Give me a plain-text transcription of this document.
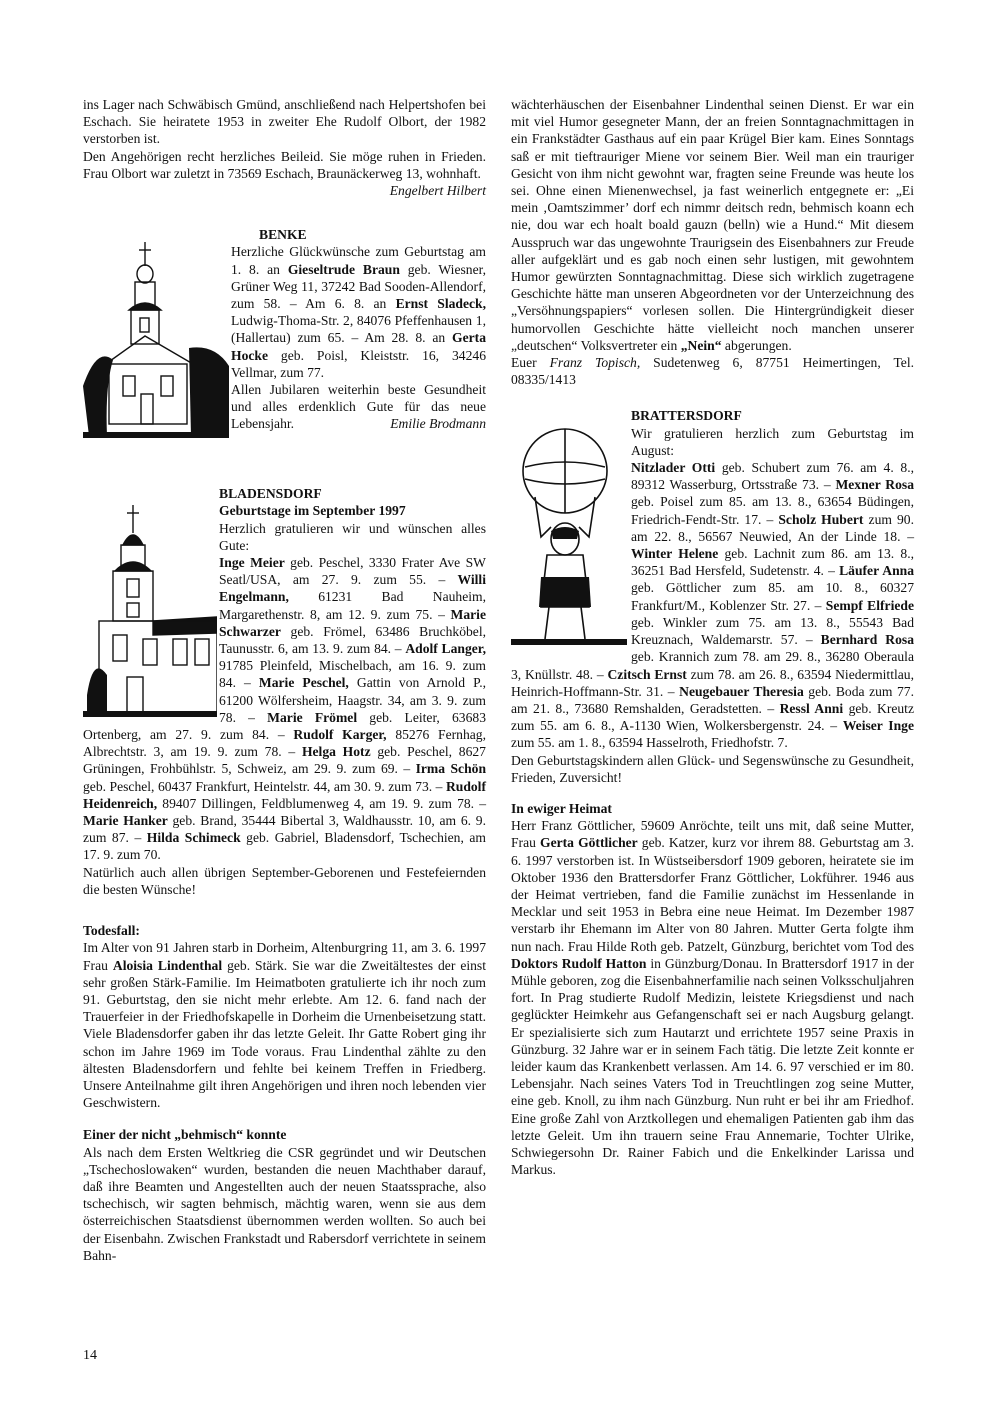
ins Lager nach Schwäbisch Gmünd, anschließend nach Helpertshofen bei Eschach. Sie heiratete 1953 in zweiter Ehe Rudolf Olbort, der 1982 verstorben ist.

Den Angehörigen recht herzliches Beileid. Sie möge ruhen in Frieden. Frau Olbort war zuletzt in 73569 Eschach, Braunäckerweg 13, wohnhaft.
Engelbert Hilbert

BENKE

Herzliche Glückwünsche zum Geburtstag am 1. 8. an Gieseltrude Braun geb. Wiesner, Grüner Weg 11, 37242 Bad Sooden-Allendorf, zum 58. – Am 6. 8. an Ernst Sladeck, Ludwig-Thoma-Str. 2, 84076 Pfeffenhausen 1, (Hallertau) zum 65. – Am 28. 8. an Gerta Hocke geb. Poisl, Kleiststr. 16, 34246 Vellmar, zum 77.

Allen Jubilaren weiterhin beste Gesundheit und alles erdenklich Gute für das neue Lebensjahr.	Emilie Brodmann

BLADENSDORF

Geburtstage im September 1997

Herzlich gratulieren wir und wünschen alles Gute:

Inge Meier geb. Peschel, 3330 Frater Ave SW Seatl/USA, am 27. 9. zum 55. – Willi Engelmann, 61231 Bad Nauheim, Margarethenstr. 8, am 12. 9. zum 75. – Marie Schwarzer geb. Frömel, 63486 Bruchköbel, Taunusstr. 6, am 13. 9. zum 84. – Adolf Langer, 91785 Pleinfeld, Mischelbach, am 16. 9. zum 84. – Marie Peschel, Gattin von Arnold P., 61200 Wölfersheim, Haagstr. 34, am 3. 9. zum 78. – Marie Frömel geb. Leiter, 63683 Ortenberg, am 27. 9. zum 84. – Rudolf Karger, 85276 Fernhag, Albrechtstr. 3, am 19. 9. zum 78. – Helga Hotz geb. Peschel, 8627 Grüningen, Frohbühlstr. 5, Schweiz, am 29. 9. zum 69. – Irma Schön geb. Peschel, 60437 Frankfurt, Heintelstr. 44, am 30. 9. zum 73. – Rudolf Heidenreich, 89407 Dillingen, Feldblumenweg 4, am 19. 9. zum 78. – Marie Hanker geb. Brand, 35444 Bibertal 3, Waldhausstr. 10, am 6. 9. zum 87. – Hilda Schimeck geb. Gabriel, Bladensdorf, Tschechien, am 17. 9. zum 70.

Natürlich auch allen übrigen September-Geborenen und Festefeiernden die besten Wünsche!

Todesfall:

Im Alter von 91 Jahren starb in Dorheim, Altenburgring 11, am 3. 6. 1997 Frau Aloisia Lindenthal geb. Stärk. Sie war die Zweitältestes der einst sehr großen Stärk-Familie. Im Heimatboten gratulierte ich ihr noch zum 91. Geburtstag, den sie nicht mehr erlebte. Am 12. 6. fand nach der Trauerfeier in der Friedhofskapelle in Dorheim die Urnenbeisetzung statt. Viele Bladensdorfer gaben ihr das letzte Geleit. Ihr Gatte Robert ging ihr schon im Jahre 1969 im Tode voraus. Frau Lindenthal zählte zu den ältesten Bladensdorfern und fehlte bei keinem Treffen in Friedberg. Unsere Anteilnahme gilt ihren Angehörigen und ihren noch lebenden vier Geschwistern.

Einer der nicht „behmisch“ konnte

Als nach dem Ersten Weltkrieg die CSR gegründet und wir Deutschen „Tschechoslowaken“ wurden, bestanden die neuen Machthaber darauf, daß ihre Beamten und Angestellten auch der neuen Staatssprache, also tschechisch, wir sagten behmisch, mächtig waren, wenn sie aus dem österreichischen Staatsdienst übernommen werden wollten. So auch bei der Eisenbahn. Zwischen Frankstadt und Rabersdorf verrichtete in seinem Bahn-

wächterhäuschen der Eisenbahner Lindenthal seinen Dienst. Er war ein mit viel Humor gesegneter Mann, der an freien Sonntagnachmittagen in ein Frankstädter Gasthaus auf ein paar Krügel Bier kam. Eines Sonntags saß er mit tieftrauriger Miene vor seinem Bier. Weil man ein trauriger Gesicht von ihm nicht gewohnt war, fragten seine Freunde was heute los sei. Ohne einen Mienenwechsel, ja fast weinerlich entgegnete er: „Ei mein ‚Oamtszimmer’ dorf ech nimmr deitsch redn, behmisch koann ech nie, dou war ech hoalt boald gauzn (belln) wie a Hund.“ Mit diesem Ausspruch war das ungewohnte Traurigsein des Eisenbahners zur Freude aller aufgeklärt und es gab noch einen sehr lustigen, mit gewohntem Humor gewürzten Sonntagnachmittag. Diese sich wirklich zugetragene Geschichte hätte man unseren Abgeordneten vor der Unterzeichnung des „Versöhnungspapiers“ vorlesen sollen. Die Hintergründigkeit dieser humorvollen Geschichte hätte vielleicht noch manchen unserer „deutschen“ Volksvertreter ein „Nein“ abgerungen.

Euer Franz Topisch, Sudetenweg 6, 87751 Heimertingen, Tel. 08335/1413

BRATTERSDORF

Wir gratulieren herzlich zum Geburtstag im August:

Nitzlader Otti geb. Schubert zum 76. am 4. 8., 89312 Wasserburg, Ortsstraße 73. – Mexner Rosa geb. Poisel zum 85. am 13. 8., 63654 Büdingen, Friedrich-Fendt-Str. 17. – Scholz Hubert zum 90. am 22. 8., 56567 Neuwied, An der Linde 18. – Winter Helene geb. Lachnit zum 86. am 13. 8., 36251 Bad Hersfeld, Sudetenstr. 4. – Läufer Anna geb. Göttlicher zum 85. am 10. 8., 60327 Frankfurt/M., Koblenzer Str. 27. – Sempf Elfriede geb. Winkler zum 75. am 13. 8., 55543 Bad Kreuznach, Waldemarstr. 57. – Bernhard Rosa geb. Krannich zum 78. am 29. 8., 36280 Oberaula 3, Knüllstr. 48. – Czitsch Ernst zum 78. am 26. 8., 63594 Niedermittlau, Heinrich-Hoffmann-Str. 31. – Neugebauer Theresia geb. Boda zum 77. am 21. 8., 73680 Remshalden, Geradstetten. – Ressl Anni geb. Kreutz zum 55. am 6. 8., A-1130 Wien, Wolkersbergenstr. 24. – Weiser Inge zum 55. am 1. 8., 63594 Hasselroth, Friedhofstr. 7.

Den Geburtstagskindern allen Glück- und Segenswünsche zu Gesundheit, Frieden, Zuversicht!

In ewiger Heimat

Herr Franz Göttlicher, 59609 Anröchte, teilt uns mit, daß seine Mutter, Frau Gerta Göttlicher geb. Katzer, kurz vor ihrem 88. Geburtstag am 3. 6. 1997 verstorben ist. In Wüstseibersdorf 1909 geboren, heiratete sie im Oktober 1936 den Brattersdorfer Franz Göttlicher, Lokführer. 1946 aus der Heimat vertrieben, fand die Familie zunächst im Hessenlande in Mecklar und seit 1953 in Bebra eine neue Heimat. Im Dezember 1987 verstarb ihr Ehemann im Alter von 80 Jahren. Mutter Gerta folgte ihm nun nach. Frau Hilde Roth geb. Patzelt, Günzburg, berichtet vom Tod des Doktors Rudolf Hatton in Günzburg/Donau. In Brattersdorf 1917 in der Mühle geboren, zog die Eisenbahnerfamilie nach seinen Volksschuljahren fort. In Prag studierte Rudolf Medizin, leistete Kriegsdienst und nach geglückter Heimkehr aus Gefangenschaft sei er nach Augsburg gelangt. Er spezialisierte sich zum Hautarzt und errichtete 1957 seine Praxis in Günzburg. 32 Jahre war er in seinem Fach tätig. Die letzte Zeit konnte er leider kaum das Krankenbett verlassen. Am 14. 6. 97 verschied er im 80. Lebensjahr. Nach seines Vaters Tod in Treuchtlingen zog seine Mutter, eine geb. Knoll, zu ihm nach Günzburg. Nun ruht er bei ihr am Friedhof. Eine große Zahl von Arztkollegen und ehemaligen Patienten gab ihm das letzte Geleit. Um ihn trauern seine Frau Annemarie, Tochter Ulrike, Schwiegersohn Dr. Rainer Fabich und die Enkelkinder Larissa und Markus.

14
